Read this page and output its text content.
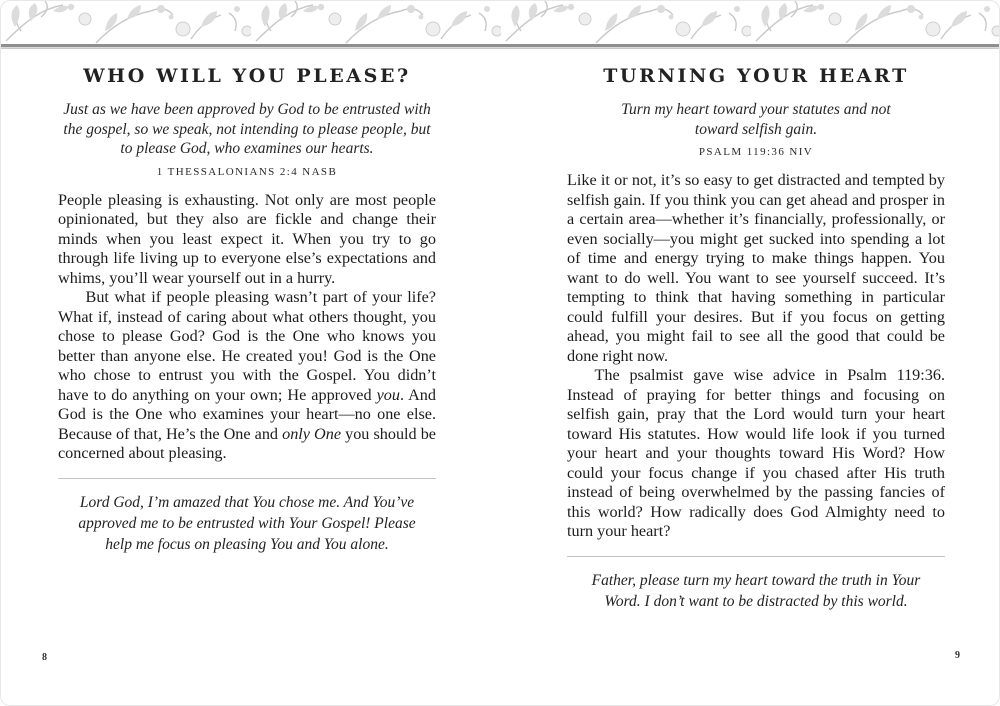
WHO WILL YOU PLEASE?
Just as we have been approved by God to be entrusted with the gospel, so we speak, not intending to please people, but to please God, who examines our hearts.
1 THESSALONIANS 2:4 NASB

People pleasing is exhausting. Not only are most people opinionated, but they also are fickle and change their minds when you least expect it. When you try to go through life living up to everyone else’s expectations and whims, you’ll wear yourself out in a hurry.

But what if people pleasing wasn’t part of your life? What if, instead of caring about what others thought, you chose to please God? God is the One who knows you better than anyone else. He created you! God is the One who chose to entrust you with the Gospel. You didn’t have to do anything on your own; He approved you. And God is the One who examines your heart—no one else. Because of that, He’s the One and only One you should be concerned about pleasing.

Lord God, I’m amazed that You chose me. And You’ve approved me to be entrusted with Your Gospel! Please help me focus on pleasing You and You alone.
TURNING YOUR HEART
Turn my heart toward your statutes and not toward selfish gain.
PSALM 119:36 NIV

Like it or not, it’s so easy to get distracted and tempted by selfish gain. If you think you can get ahead and prosper in a certain area—whether it’s financially, professionally, or even socially—you might get sucked into spending a lot of time and energy trying to make things happen. You want to do well. You want to see yourself succeed. It’s tempting to think that having something in particular could fulfill your desires. But if you focus on getting ahead, you might fail to see all the good that could be done right now.

The psalmist gave wise advice in Psalm 119:36. Instead of praying for better things and focusing on selfish gain, pray that the Lord would turn your heart toward His statutes. How would life look if you turned your heart and your thoughts toward His Word? How could your focus change if you chased after His truth instead of being overwhelmed by the passing fancies of this world? How radically does God Almighty need to turn your heart?

Father, please turn my heart toward the truth in Your Word. I don’t want to be distracted by this world.
8	9
